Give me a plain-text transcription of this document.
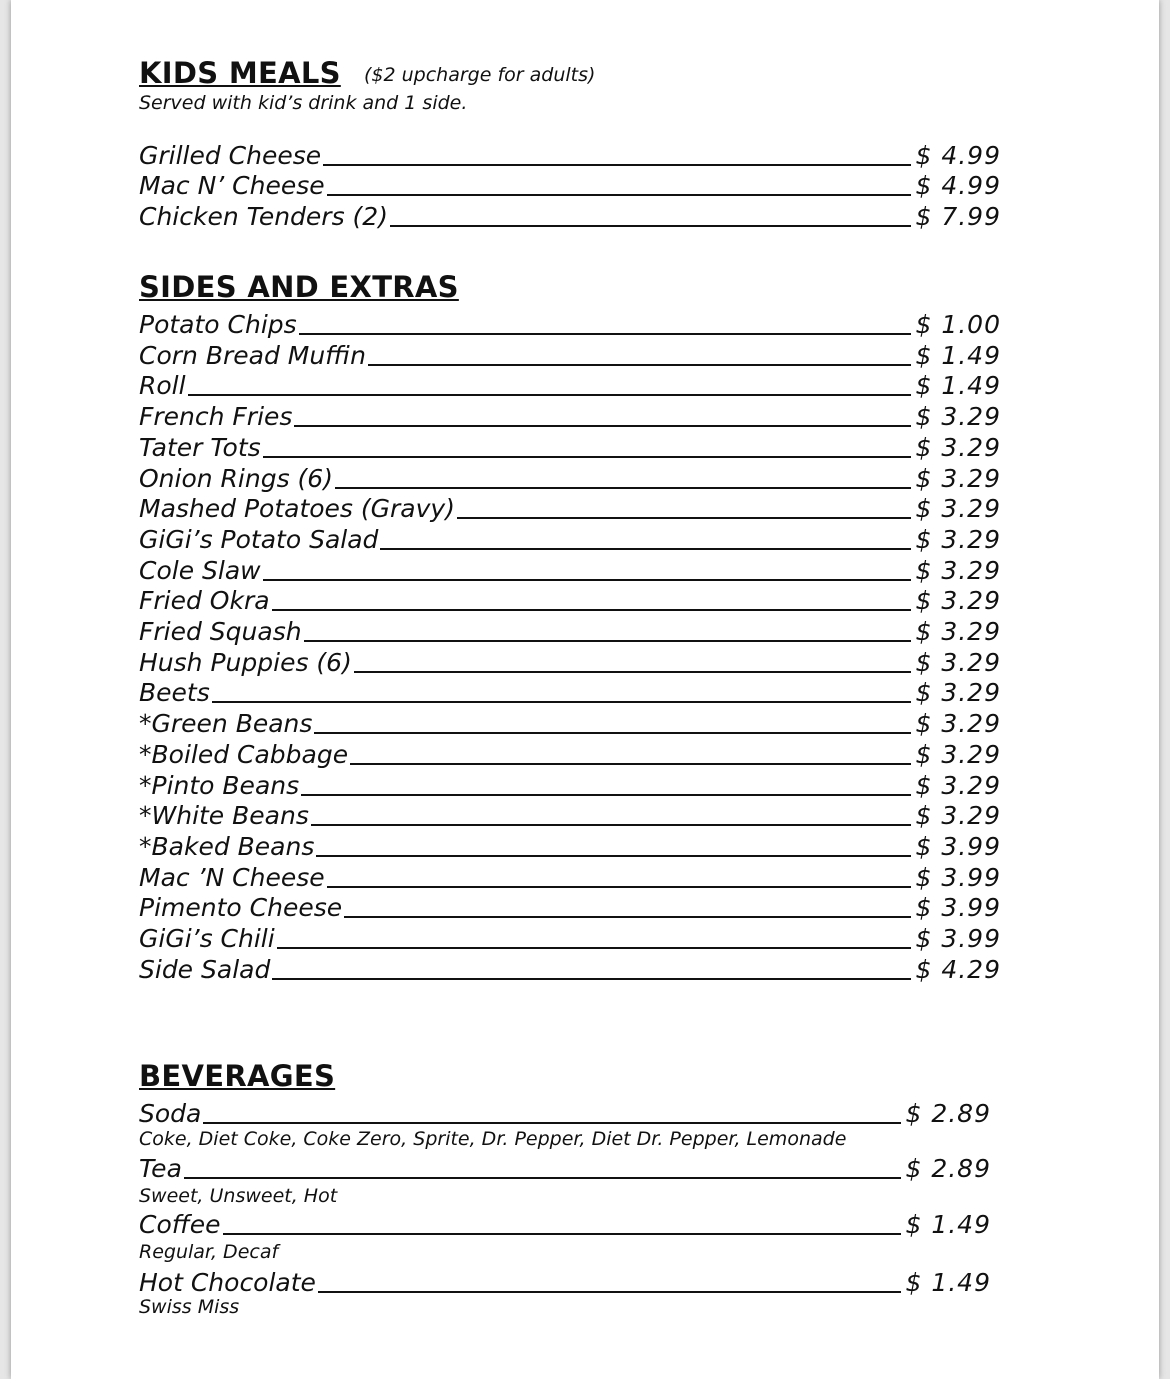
KIDS MEALS ($2 upcharge for adults)
Served with kid’s drink and 1 side.
Grilled Cheese	$ 4.99
Mac N’ Cheese	$ 4.99
Chicken Tenders (2)	$ 7.99
SIDES AND EXTRAS
Potato Chips	$ 1.00
Corn Bread Muffin	$ 1.49
Roll	$ 1.49
French Fries	$ 3.29
Tater Tots	$ 3.29
Onion Rings (6)	$ 3.29
Mashed Potatoes (Gravy)	$ 3.29
GiGi’s Potato Salad	$ 3.29
Cole Slaw	$ 3.29
Fried Okra	$ 3.29
Fried Squash	$ 3.29
Hush Puppies (6)	$ 3.29
Beets	$ 3.29
*Green Beans	$ 3.29
*Boiled Cabbage	$ 3.29
*Pinto Beans	$ 3.29
*White Beans	$ 3.29
*Baked Beans	$ 3.99
Mac ’N Cheese	$ 3.99
Pimento Cheese	$ 3.99
GiGi’s Chili	$ 3.99
Side Salad	$ 4.29
BEVERAGES
Soda	$ 2.89
Coke, Diet Coke, Coke Zero, Sprite, Dr. Pepper, Diet Dr. Pepper, Lemonade
Tea	$ 2.89
Sweet, Unsweet, Hot
Coffee	$ 1.49
Regular, Decaf
Hot Chocolate	$ 1.49
Swiss Miss
